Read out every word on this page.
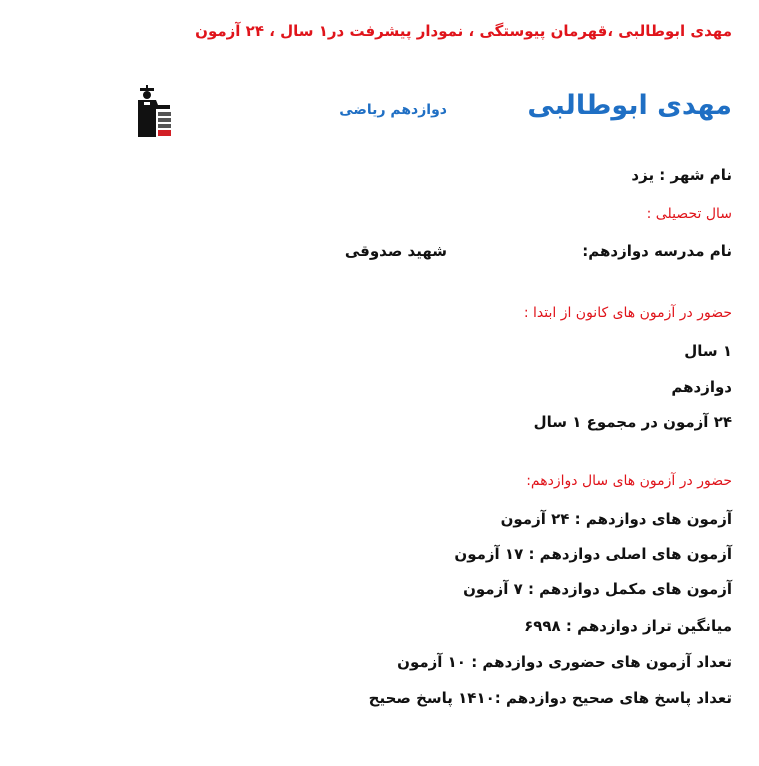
مهدی ابوطالبی ،قهرمان پیوستگی ، نمودار پیشرفت در۱ سال ، ۲۴ آزمون
مهدی ابوطالبی
دوازدهم ریاضی
نام شهر : یزد
سال تحصیلی :
نام مدرسه دوازدهم:
شهید صدوقی
حضور در آزمون های کانون از ابتدا :
۱ سال
دوازدهم
۲۴ آزمون در مجموع ۱ سال
حضور در آزمون های سال دوازدهم:
آزمون های دوازدهم : ۲۴ آزمون
آزمون های اصلی دوازدهم : ۱۷ آزمون
آزمون های مکمل دوازدهم : ۷ آزمون
میانگین تراز دوازدهم : ۶۹۹۸
تعداد آزمون های حضوری دوازدهم : ۱۰ آزمون
تعداد پاسخ های صحیح دوازدهم :۱۴۱۰ پاسخ صحیح
